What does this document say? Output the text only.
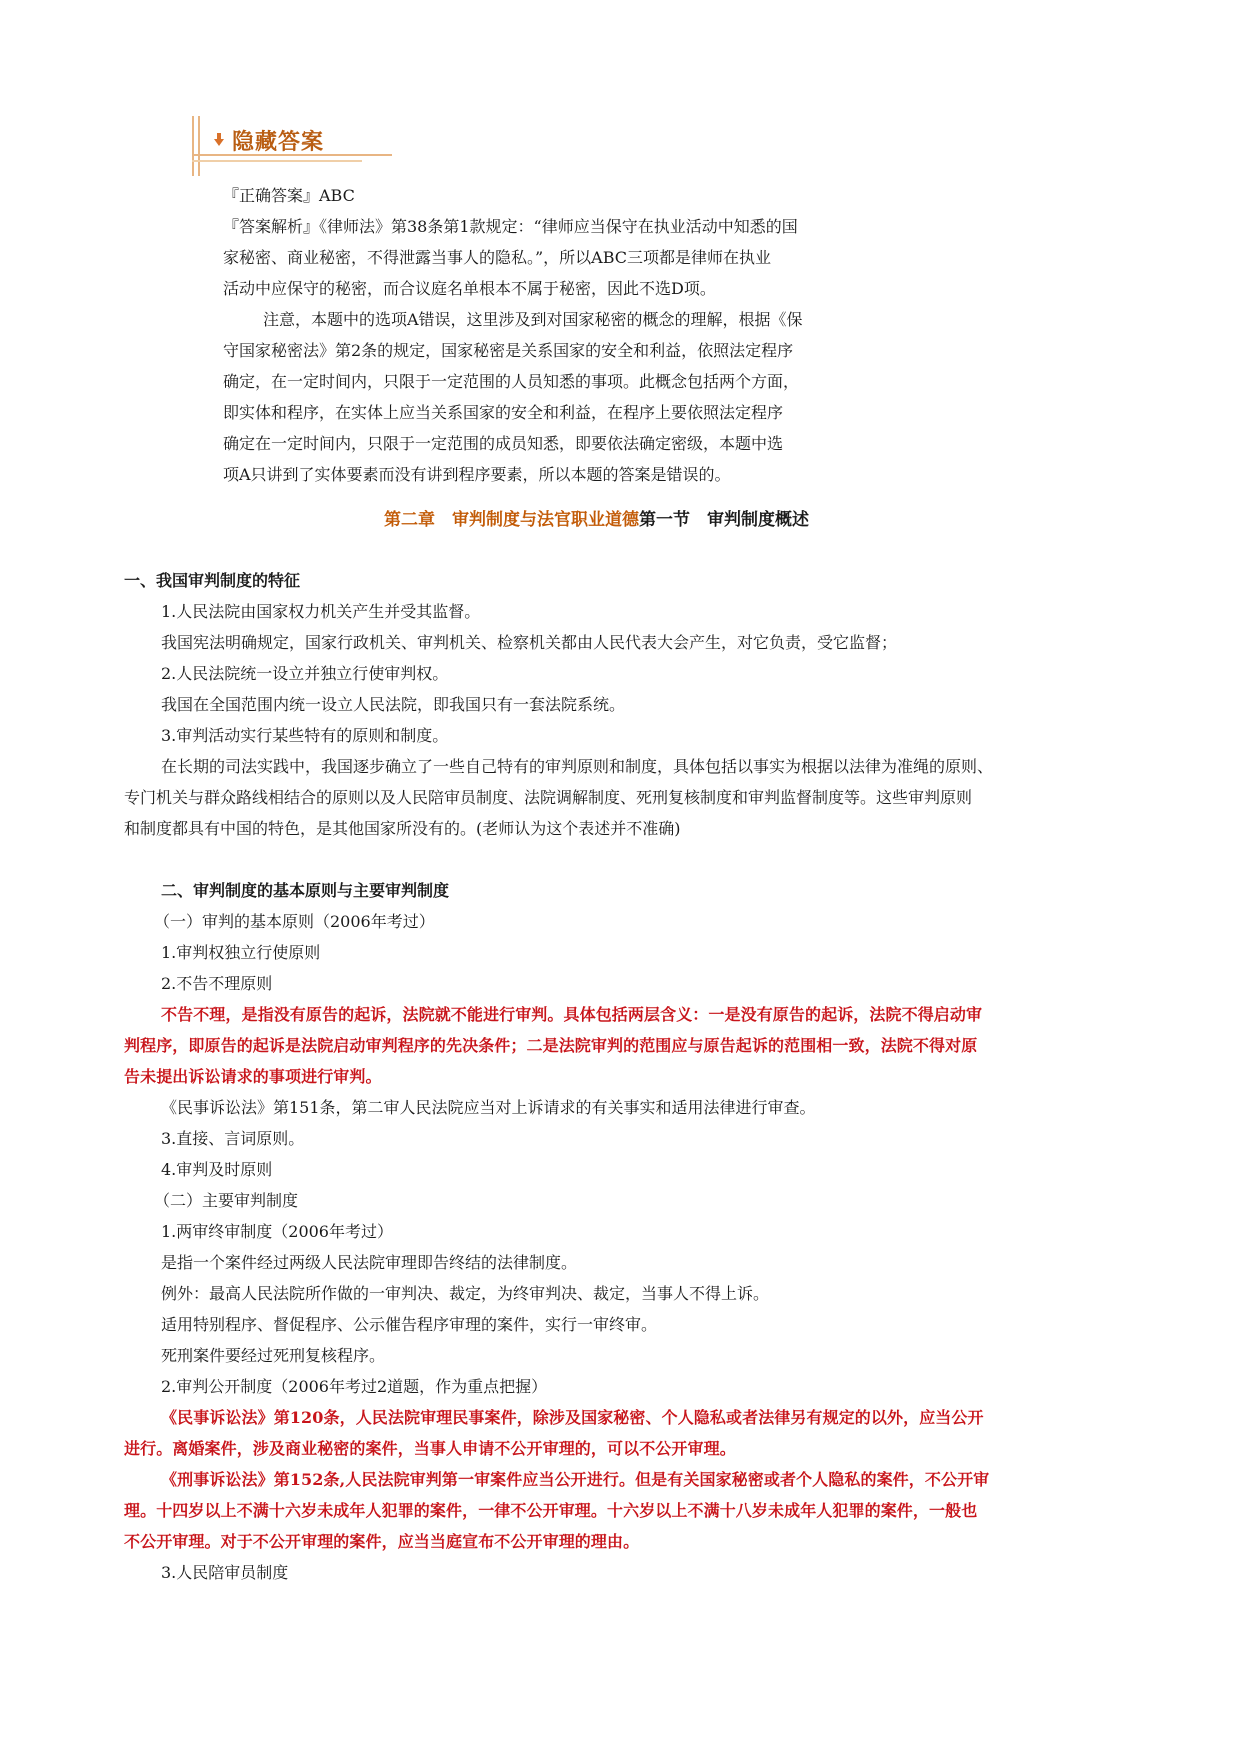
隐藏答案
『正确答案』ABC
『答案解析』《律师法》第38条第1款规定：“律师应当保守在执业活动中知悉的国
家秘密、商业秘密，不得泄露当事人的隐私。”，所以ABC三项都是律师在执业
活动中应保守的秘密，而合议庭名单根本不属于秘密，因此不选D项。
注意，本题中的选项A错误，这里涉及到对国家秘密的概念的理解，根据《保
守国家秘密法》第2条的规定，国家秘密是关系国家的安全和利益，依照法定程序
确定，在一定时间内，只限于一定范围的人员知悉的事项。此概念包括两个方面，
即实体和程序，在实体上应当关系国家的安全和利益，在程序上要依照法定程序
确定在一定时间内，只限于一定范围的成员知悉，即要依法确定密级，本题中选
项A只讲到了实体要素而没有讲到程序要素，所以本题的答案是错误的。
第二章　审判制度与法官职业道德第一节　审判制度概述
一、我国审判制度的特征
1.人民法院由国家权力机关产生并受其监督。
我国宪法明确规定，国家行政机关、审判机关、检察机关都由人民代表大会产生，对它负责，受它监督；
2.人民法院统一设立并独立行使审判权。
我国在全国范围内统一设立人民法院，即我国只有一套法院系统。
3.审判活动实行某些特有的原则和制度。
在长期的司法实践中，我国逐步确立了一些自己特有的审判原则和制度，具体包括以事实为根据以法律为准绳的原则、
专门机关与群众路线相结合的原则以及人民陪审员制度、法院调解制度、死刑复核制度和审判监督制度等。这些审判原则
和制度都具有中国的特色，是其他国家所没有的。(老师认为这个表述并不准确)
二、审判制度的基本原则与主要审判制度
（一）审判的基本原则（2006年考过）
1.审判权独立行使原则
2.不告不理原则
不告不理，是指没有原告的起诉，法院就不能进行审判。具体包括两层含义：一是没有原告的起诉，法院不得启动审
判程序，即原告的起诉是法院启动审判程序的先决条件；二是法院审判的范围应与原告起诉的范围相一致，法院不得对原
告未提出诉讼请求的事项进行审判。
《民事诉讼法》第151条，第二审人民法院应当对上诉请求的有关事实和适用法律进行审查。
3.直接、言词原则。
4.审判及时原则
（二）主要审判制度
1.两审终审制度（2006年考过）
是指一个案件经过两级人民法院审理即告终结的法律制度。
例外：最高人民法院所作做的一审判决、裁定，为终审判决、裁定，当事人不得上诉。
适用特别程序、督促程序、公示催告程序审理的案件，实行一审终审。
死刑案件要经过死刑复核程序。
2.审判公开制度（2006年考过2道题，作为重点把握）
《民事诉讼法》第120条，人民法院审理民事案件，除涉及国家秘密、个人隐私或者法律另有规定的以外，应当公开
进行。离婚案件，涉及商业秘密的案件，当事人申请不公开审理的，可以不公开审理。
《刑事诉讼法》第152条,人民法院审判第一审案件应当公开进行。但是有关国家秘密或者个人隐私的案件，不公开审
理。十四岁以上不满十六岁未成年人犯罪的案件，一律不公开审理。十六岁以上不满十八岁未成年人犯罪的案件，一般也
不公开审理。对于不公开审理的案件，应当当庭宣布不公开审理的理由。
3.人民陪审员制度
